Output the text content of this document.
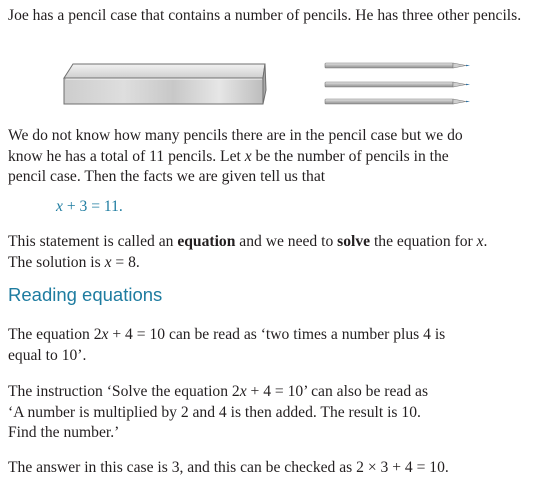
Joe has a pencil case that contains a number of pencils. He has three other pencils.

We do not know how many pencils there are in the pencil case but we do
know he has a total of 11 pencils. Let x be the number of pencils in the
pencil case. Then the facts we are given tell us that

x + 3 = 11.

This statement is called an equation and we need to solve the equation for x.
The solution is x = 8.

Reading equations

The equation 2x + 4 = 10 can be read as ‘two times a number plus 4 is
equal to 10’.

The instruction ‘Solve the equation 2x + 4 = 10’ can also be read as
‘A number is multiplied by 2 and 4 is then added. The result is 10.
Find the number.’

The answer in this case is 3, and this can be checked as 2 × 3 + 4 = 10.
